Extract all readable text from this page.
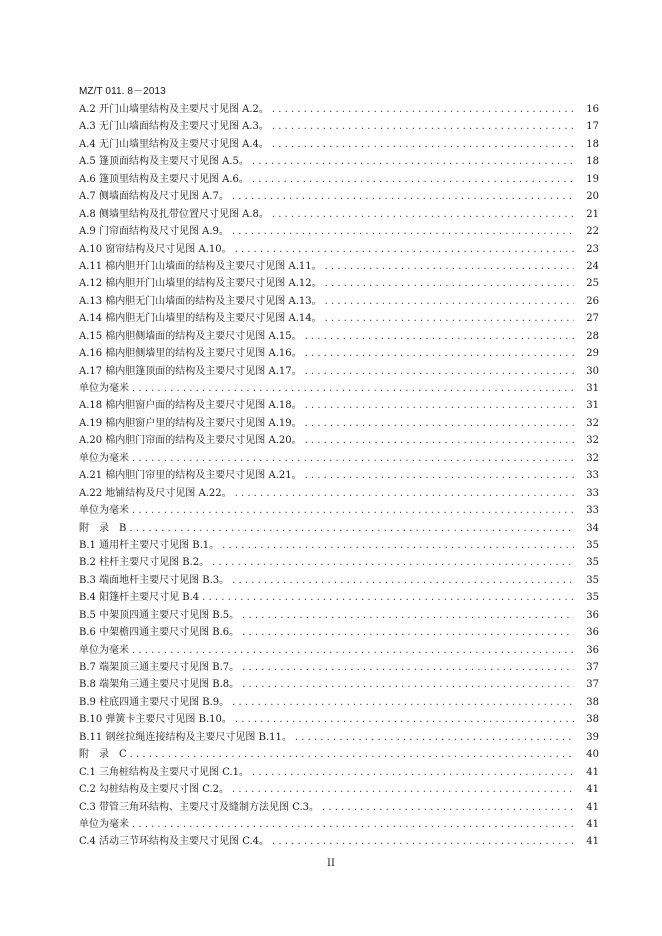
MZ/T 011. 8－2013
A.2 开门山墙里结构及主要尺寸见图 A.2。 . . .	16
A.3 无门山墙面结构及主要尺寸见图 A.3。 . . .	17
A.4 无门山墙里结构及主要尺寸见图 A.4。 . . .	18
A.5 篷顶面结构及主要尺寸见图 A.5。 . . .	18
A.6 篷顶里结构及主要尺寸见图 A.6。 . . .	19
A.7 侧墙面结构及尺寸见图 A.7。 . . .	20
A.8 侧墙里结构及扎带位置尺寸见图 A.8。 . . .	21
A.9 门帘面结构及尺寸见图 A.9。 . . .	22
A.10 窗帘结构及尺寸见图 A.10。 . . .	23
A.11 棉内胆开门山墙面的结构及主要尺寸见图 A.11。 . . .	24
A.12 棉内胆开门山墙里的结构及主要尺寸见图 A.12。 . . .	25
A.13 棉内胆无门山墙面的结构及主要尺寸见图 A.13。 . . .	26
A.14 棉内胆无门山墙里的结构及主要尺寸见图 A.14。 . . .	27
A.15 棉内胆侧墙面的结构及主要尺寸见图 A.15。 . . .	28
A.16 棉内胆侧墙里的结构及主要尺寸见图 A.16。 . . .	29
A.17 棉内胆篷顶面的结构及主要尺寸见图 A.17。 . . .	30
单位为毫米 . . .	31
A.18 棉内胆窗户面的结构及主要尺寸见图 A.18。 . . .	31
A.19 棉内胆窗户里的结构及主要尺寸见图 A.19。 . . .	32
A.20 棉内胆门帘面的结构及主要尺寸见图 A.20。 . . .	32
单位为毫米 . . .	32
A.21 棉内胆门帘里的结构及主要尺寸见图 A.21。 . . .	33
A.22 地铺结构及尺寸见图 A.22。 . . .	33
单位为毫米 . . .	33
附　录　B . . .	34
B.1 通用杆主要尺寸见图 B.1。 . . .	35
B.2 柱杆主要尺寸见图 B.2。 . . .	35
B.3 端面地杆主要尺寸见图 B.3。 . . .	35
B.4 阳篷杆主要尺寸见 B.4 . . .	35
B.5 中架顶四通主要尺寸见图 B.5。 . . .	36
B.6 中架檐四通主要尺寸见图 B.6。 . . .	36
单位为毫米 . . .	36
B.7 端架顶三通主要尺寸见图 B.7。 . . .	37
B.8 端架角三通主要尺寸见图 B.8。 . . .	37
B.9 柱底四通主要尺寸见图 B.9。 . . .	38
B.10 弹簧卡主要尺寸见图 B.10。 . . .	38
B.11 钢丝拉绳连接结构及主要尺寸见图 B.11。 . . .	39
附　录　C . . .	40
C.1 三角桩结构及主要尺寸见图 C.1。 . . .	41
C.2 勾桩结构及主要尺寸图 C.2。 . . .	41
C.3 带管三角环结构、主要尺寸及缝制方法见图 C.3。 . . .	41
单位为毫米 . . .	41
C.4 活动三节环结构及主要尺寸见图 C.4。 . . .	41
II
